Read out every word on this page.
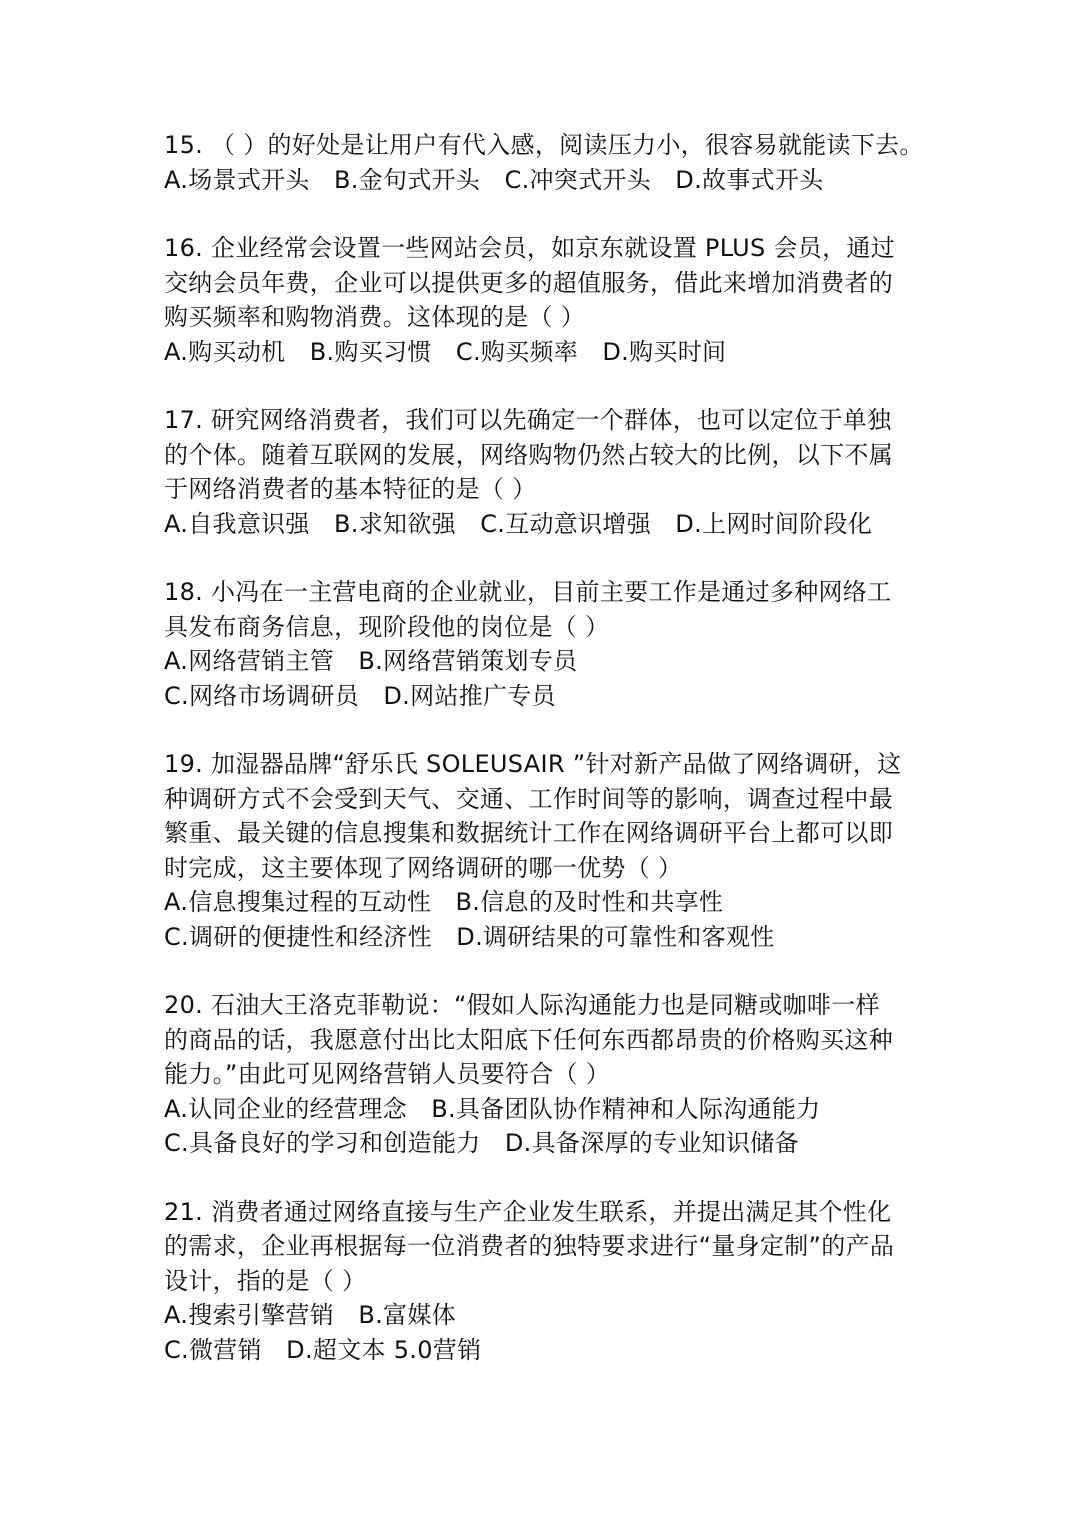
15. （ ）的好处是让用户有代入感，阅读压力小，很容易就能读下去。
A.场景式开头　B.金句式开头　C.冲突式开头　D.故事式开头
16. 企业经常会设置一些网站会员，如京东就设置 PLUS 会员，通过
交纳会员年费，企业可以提供更多的超值服务，借此来增加消费者的
购买频率和购物消费。这体现的是（ ）
A.购买动机　B.购买习惯　C.购买频率　D.购买时间
17. 研究网络消费者，我们可以先确定一个群体，也可以定位于单独
的个体。随着互联网的发展，网络购物仍然占较大的比例，以下不属
于网络消费者的基本特征的是（ ）
A.自我意识强　B.求知欲强　C.互动意识增强　D.上网时间阶段化
18. 小冯在一主营电商的企业就业，目前主要工作是通过多种网络工
具发布商务信息，现阶段他的岗位是（ ）
A.网络营销主管　B.网络营销策划专员
C.网络市场调研员　D.网站推广专员
19. 加湿器品牌“舒乐氏 SOLEUSAIR ”针对新产品做了网络调研，这
种调研方式不会受到天气、交通、工作时间等的影响，调查过程中最
繁重、最关键的信息搜集和数据统计工作在网络调研平台上都可以即
时完成，这主要体现了网络调研的哪一优势（ ）
A.信息搜集过程的互动性　B.信息的及时性和共享性
C.调研的便捷性和经济性　D.调研结果的可靠性和客观性
20. 石油大王洛克菲勒说：“假如人际沟通能力也是同糖或咖啡一样
的商品的话，我愿意付出比太阳底下任何东西都昂贵的价格购买这种
能力。”由此可见网络营销人员要符合（ ）
A.认同企业的经营理念　B.具备团队协作精神和人际沟通能力
C.具备良好的学习和创造能力　D.具备深厚的专业知识储备
21. 消费者通过网络直接与生产企业发生联系，并提出满足其个性化
的需求，企业再根据每一位消费者的独特要求进行“量身定制”的产品
设计，指的是（ ）
A.搜索引擎营销　B.富媒体
C.微营销　D.超文本 5.0营销
